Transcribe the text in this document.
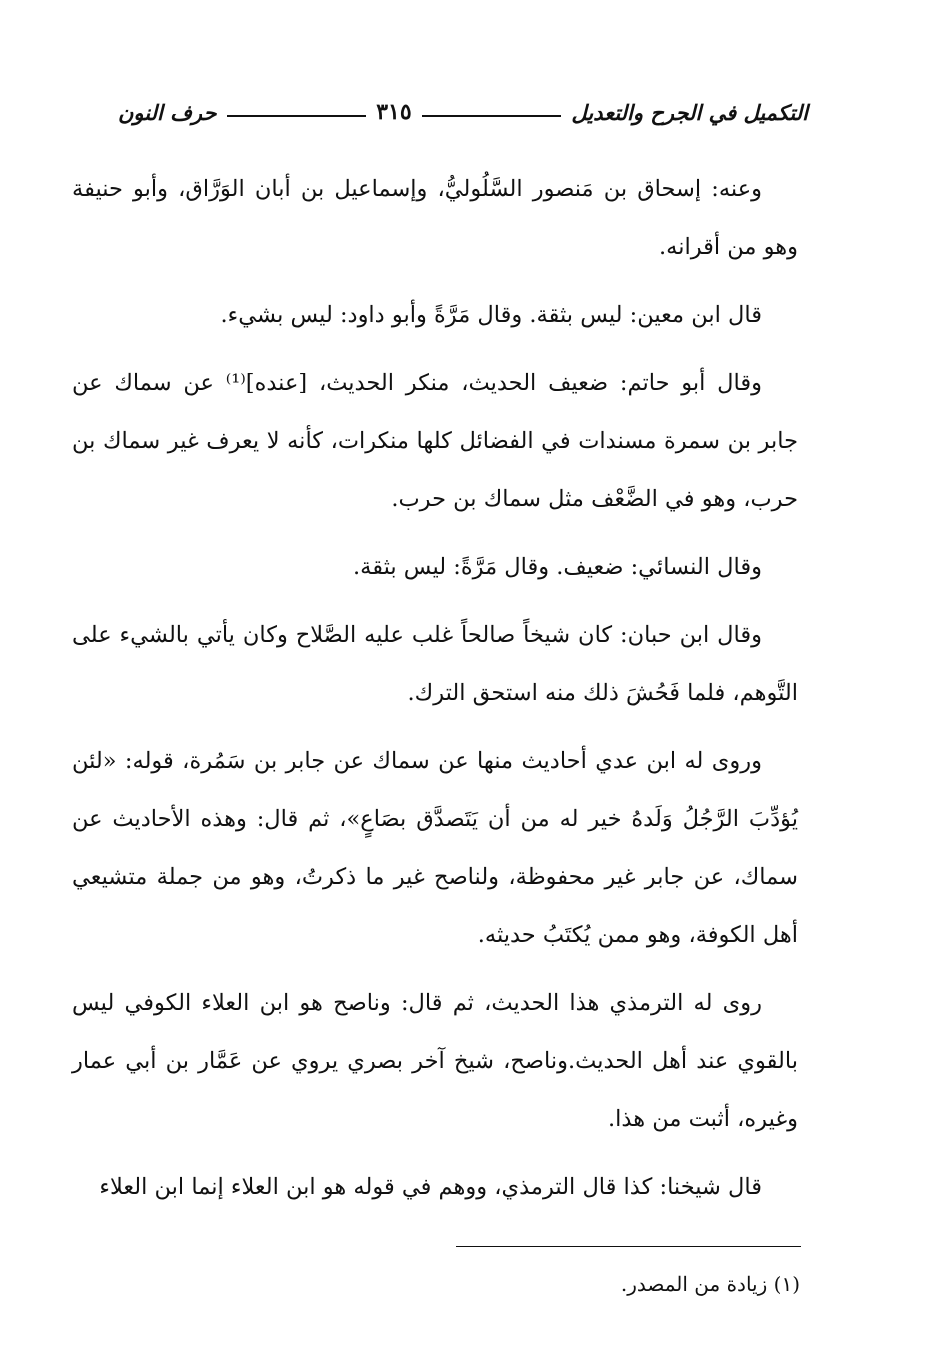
التكميل في الجرح والتعديل
٣١٥
حرف النون

وعنه: إسحاق بن مَنصور السَّلُوليُّ، وإسماعيل بن أبان الوَرَّاق، وأبو حنيفة وهو من أقرانه.

قال ابن معين: ليس بثقة. وقال مَرَّةً وأبو داود: ليس بشيء.

وقال أبو حاتم: ضعيف الحديث، منكر الحديث، [عنده]⁽¹⁾ عن سماك عن جابر بن سمرة مسندات في الفضائل كلها منكرات، كأنه لا يعرف غير سماك بن حرب، وهو في الضَّعْف مثل سماك بن حرب.

وقال النسائي: ضعيف. وقال مَرَّةً: ليس بثقة.

وقال ابن حبان: كان شيخاً صالحاً غلب عليه الصَّلاح وكان يأتي بالشيء على التَّوهم، فلما فَحُشَ ذلك منه استحق الترك.

وروى له ابن عدي أحاديث منها عن سماك عن جابر بن سَمُرة، قوله: «لئن يُؤدِّبَ الرَّجُلُ وَلَدهُ خير له من أن يَتَصدَّق بصَاعٍ»، ثم قال: وهذه الأحاديث عن سماك، عن جابر غير محفوظة، ولناصح غير ما ذكرتُ، وهو من جملة متشيعي أهل الكوفة، وهو ممن يُكتَبُ حديثه.

روى له الترمذي هذا الحديث، ثم قال: وناصح هو ابن العلاء الكوفي ليس بالقوي عند أهل الحديث.وناصح، شيخ آخر بصري يروي عن عَمَّار بن أبي عمار وغيره، أثبت من هذا.

قال شيخنا: كذا قال الترمذي، ووهم في قوله هو ابن العلاء إنما ابن العلاء

(١) زيادة من المصدر.
